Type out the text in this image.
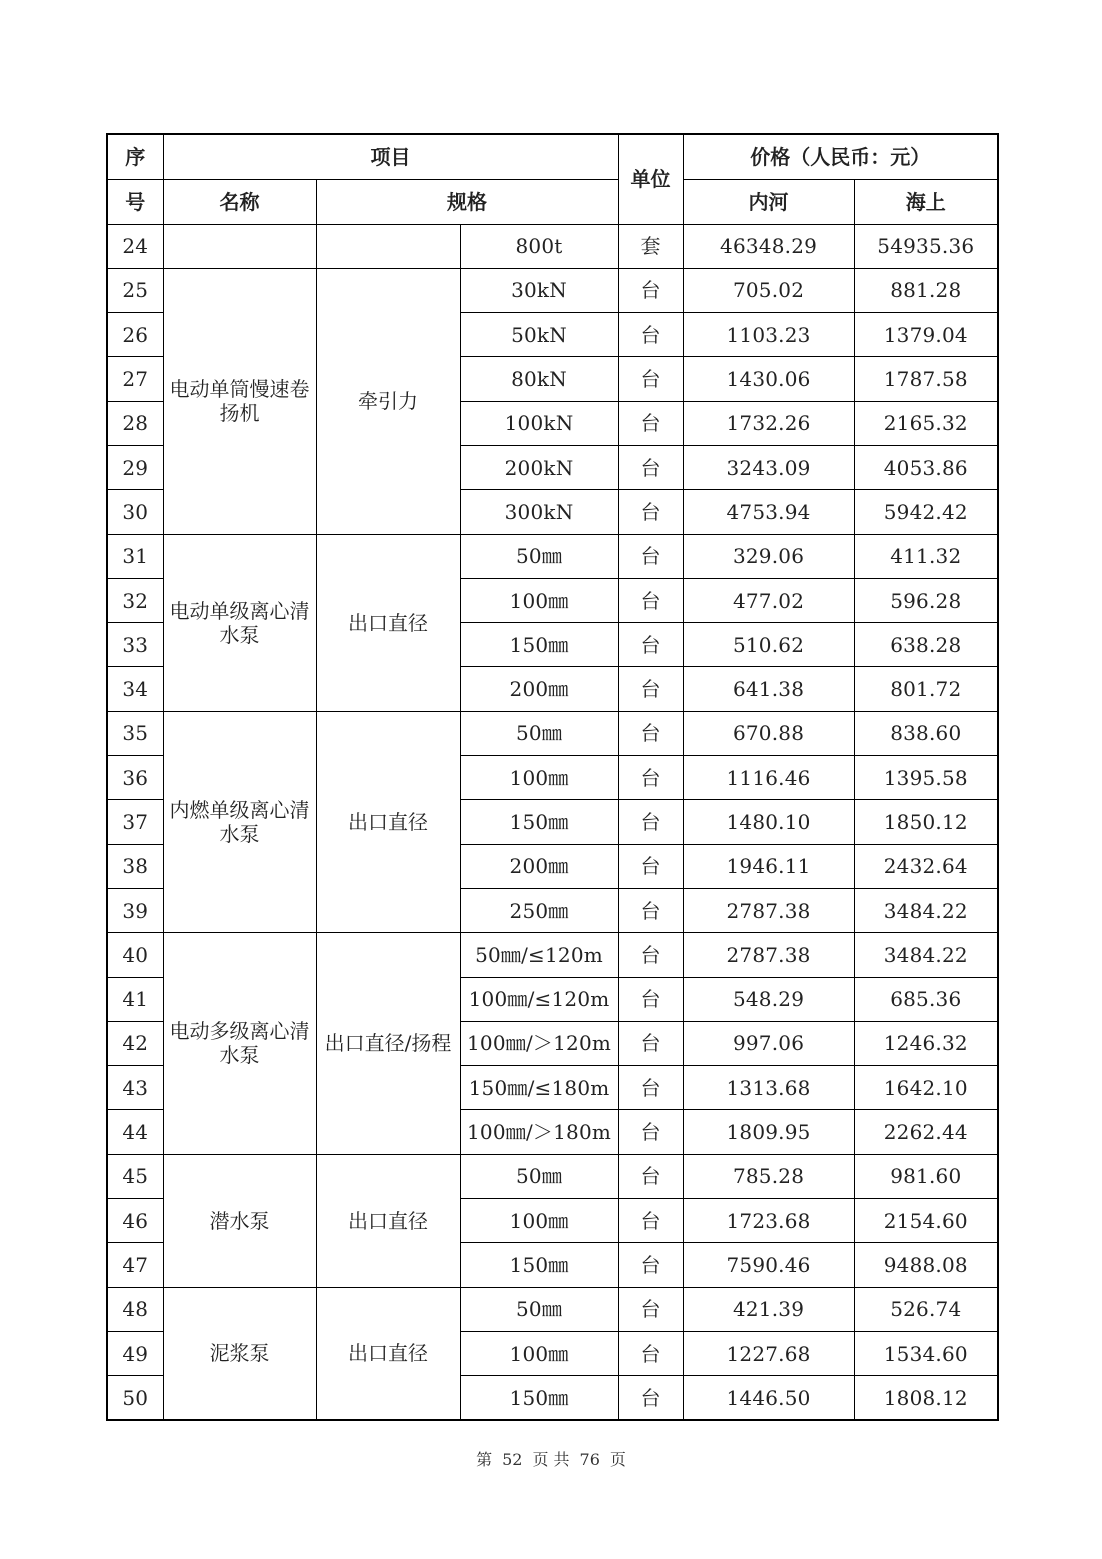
序	项目			单位	价格（人民币：元）	
号	名称	规格			内河	海上
24			800t	套	46348.29	54935.36
25	电动单筒慢速卷扬机	牵引力	30kN	台	705.02	881.28
26			50kN	台	1103.23	1379.04
27			80kN	台	1430.06	1787.58
28			100kN	台	1732.26	2165.32
29			200kN	台	3243.09	4053.86
30			300kN	台	4753.94	5942.42
31	电动单级离心清水泵	出口直径	50㎜	台	329.06	411.32
32			100㎜	台	477.02	596.28
33			150㎜	台	510.62	638.28
34			200㎜	台	641.38	801.72
35	内燃单级离心清水泵	出口直径	50㎜	台	670.88	838.60
36			100㎜	台	1116.46	1395.58
37			150㎜	台	1480.10	1850.12
38			200㎜	台	1946.11	2432.64
39			250㎜	台	2787.38	3484.22
40	电动多级离心清水泵	出口直径/扬程	50㎜/≤120m	台	2787.38	3484.22
41			100㎜/≤120m	台	548.29	685.36
42			100㎜/＞120m	台	997.06	1246.32
43			150㎜/≤180m	台	1313.68	1642.10
44			100㎜/＞180m	台	1809.95	2262.44
45	潜水泵	出口直径	50㎜	台	785.28	981.60
46			100㎜	台	1723.68	2154.60
47			150㎜	台	7590.46	9488.08
48	泥浆泵	出口直径	50㎜	台	421.39	526.74
49			100㎜	台	1227.68	1534.60
50			150㎜	台	1446.50	1808.12
第 52 页 共 76 页
